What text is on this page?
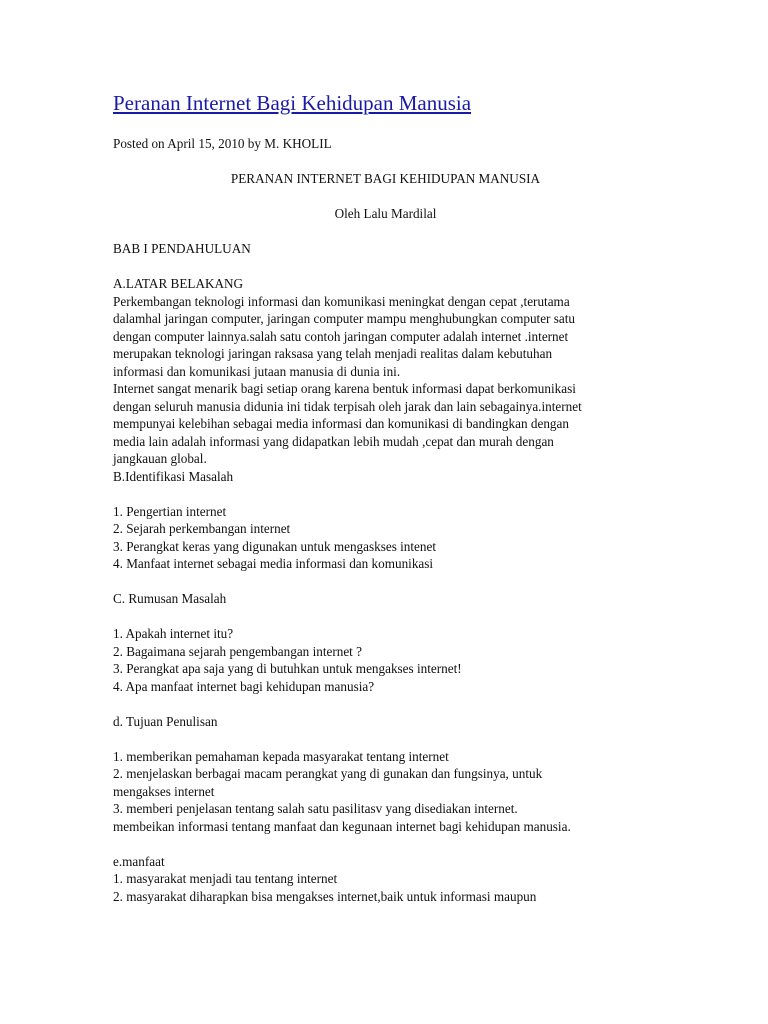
Peranan Internet Bagi Kehidupan Manusia
Posted on April 15, 2010 by M. KHOLIL
PERANAN INTERNET BAGI KEHIDUPAN MANUSIA
Oleh Lalu Mardilal
BAB I PENDAHULUAN
A.LATAR BELAKANG
Perkembangan teknologi informasi dan komunikasi meningkat dengan cepat ,terutama
dalamhal jaringan computer, jaringan computer mampu menghubungkan computer satu
dengan computer lainnya.salah satu contoh jaringan computer adalah internet .internet
merupakan teknologi jaringan raksasa yang telah menjadi realitas dalam kebutuhan
informasi dan komunikasi jutaan manusia di dunia ini.
Internet sangat menarik bagi setiap orang karena bentuk informasi dapat berkomunikasi
dengan seluruh manusia didunia ini tidak terpisah oleh jarak dan lain sebagainya.internet
mempunyai kelebihan sebagai media informasi dan komunikasi di bandingkan dengan
media lain adalah informasi yang didapatkan lebih mudah ,cepat dan murah dengan
jangkauan global.
B.Identifikasi Masalah
1. Pengertian internet
2. Sejarah perkembangan internet
3. Perangkat keras yang digunakan untuk mengaskses intenet
4. Manfaat internet sebagai media informasi dan komunikasi
C. Rumusan Masalah
1. Apakah internet itu?
2. Bagaimana sejarah pengembangan internet ?
3. Perangkat apa saja yang di butuhkan untuk mengakses internet!
4. Apa manfaat internet bagi kehidupan manusia?
d. Tujuan Penulisan
1. memberikan pemahaman kepada masyarakat tentang internet
2. menjelaskan berbagai macam perangkat yang di gunakan dan fungsinya, untuk
mengakses internet
3. memberi penjelasan tentang salah satu pasilitasv yang disediakan internet.
membeikan informasi tentang manfaat dan kegunaan internet bagi kehidupan manusia.
e.manfaat
1. masyarakat menjadi tau tentang internet
2. masyarakat diharapkan bisa mengakses internet,baik untuk informasi maupun
